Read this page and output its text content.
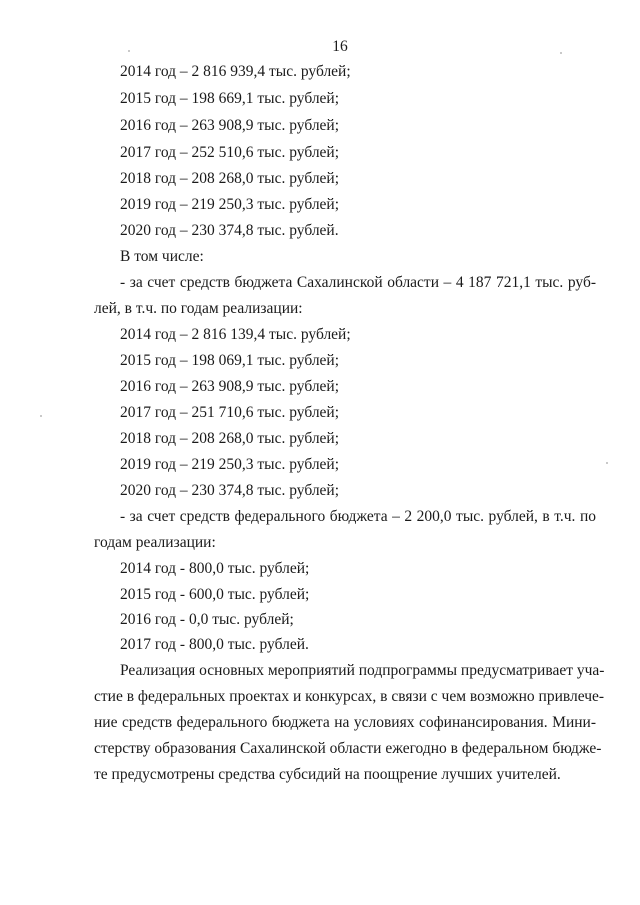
16
2014 год – 2 816 939,4 тыс. рублей;
2015 год – 198 669,1 тыс. рублей;
2016 год – 263 908,9 тыс. рублей;
2017 год – 252 510,6 тыс. рублей;
2018 год – 208 268,0 тыс. рублей;
2019 год – 219 250,3 тыс. рублей;
2020 год – 230 374,8 тыс. рублей.
В том числе:
- за счет средств бюджета Сахалинской области – 4 187 721,1 тыс. руб-
лей, в т.ч. по годам реализации:
2014 год – 2 816 139,4 тыс. рублей;
2015 год – 198 069,1 тыс. рублей;
2016 год – 263 908,9 тыс. рублей;
2017 год – 251 710,6 тыс. рублей;
2018 год – 208 268,0 тыс. рублей;
2019 год – 219 250,3 тыс. рублей;
2020 год – 230 374,8 тыс. рублей;
- за счет средств федерального бюджета – 2 200,0 тыс. рублей, в т.ч. по
годам реализации:
2014 год - 800,0 тыс. рублей;
2015 год - 600,0 тыс. рублей;
2016 год - 0,0 тыс. рублей;
2017 год - 800,0 тыс. рублей.
Реализация основных мероприятий подпрограммы предусматривает уча-
стие в федеральных проектах и конкурсах, в связи с чем возможно привлече-
ние средств федерального бюджета на условиях софинансирования. Мини-
стерству образования Сахалинской области ежегодно в федеральном бюдже-
те предусмотрены средства субсидий на поощрение лучших учителей.
